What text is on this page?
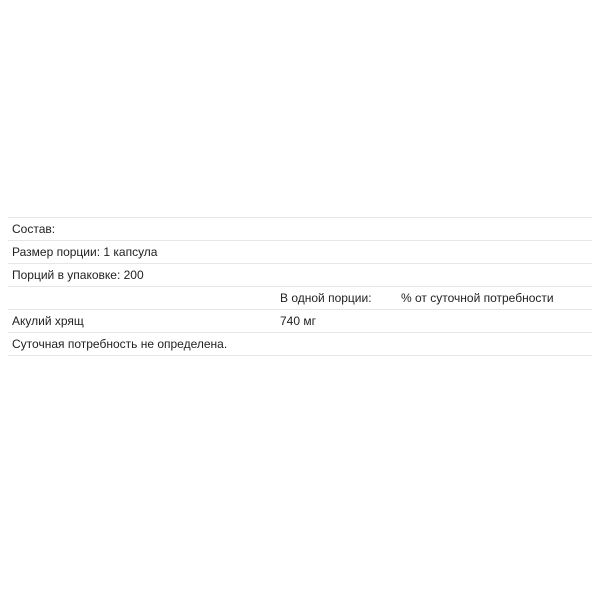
Состав:
Размер порции: 1 капсула
Порций в упаковке: 200
В одной порции: % от суточной потребности
Акулий хрящ	740 мг
Суточная потребность не определена.
